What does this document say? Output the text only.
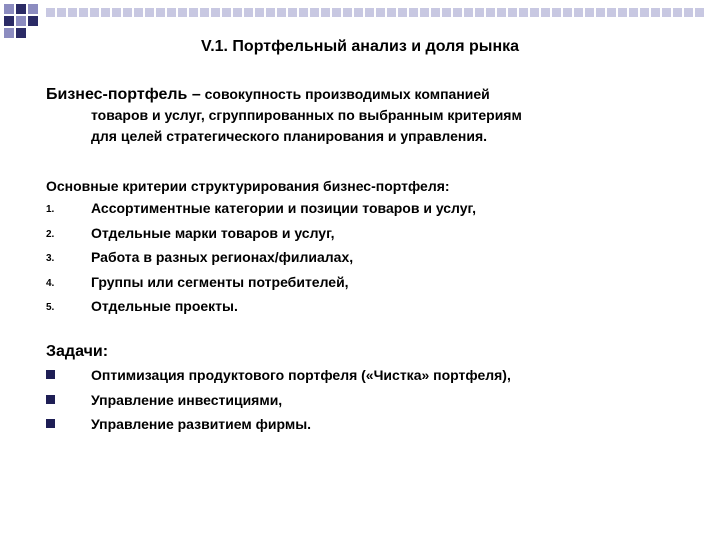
V.1. Портфельный анализ и доля рынка
Бизнес-портфель – совокупность производимых компанией
товаров и услуг, сгруппированных по выбранным критериям
для целей стратегического планирования и управления.
Основные критерии структурирования бизнес-портфеля:
1.	Ассортиментные категории и позиции товаров и услуг,
2.	Отдельные марки товаров и услуг,
3.	Работа в разных регионах/филиалах,
4.	Группы или сегменты потребителей,
5.	Отдельные проекты.
Задачи:
Оптимизация продуктового портфеля («Чистка» портфеля),
Управление инвестициями,
Управление развитием фирмы.
